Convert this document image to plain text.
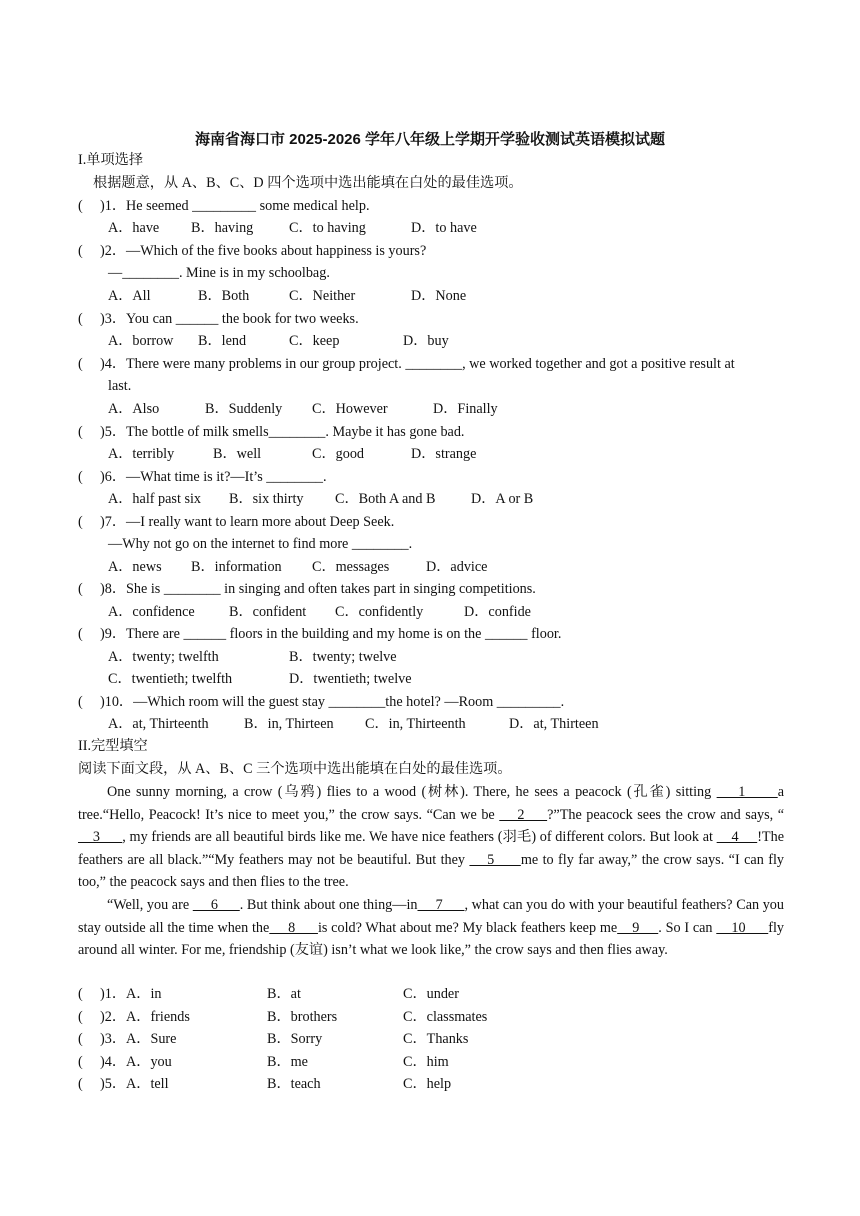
海南省海口市 2025-2026 学年八年级上学期开学验收测试英语模拟试题
I.单项选择
根据题意，从 A、B、C、D 四个选项中选出能填在白处的最佳选项。
( )1．He seemed _________ some medical help.
A．have B．having	C．to having	D．to have
( )2．—Which of the five books about happiness is yours?
—________. Mine is in my schoolbag.
A．All	B．Both	C．Neither	D．None
( )3．You can ______ the book for two weeks.
A．borrow B．lend	C．keep	D．buy
( )4．There were many problems in our group project. ________, we worked together and got a positive result at
last.
A．Also	B．Suddenly C．However	D．Finally
( )5．The bottle of milk smells________. Maybe it has gone bad.
A．terribly	B．well	C．good	D．strange
( )6．—What time is it?—It’s ________.
A．half past six B．six thirty C．Both A and B D．A or B
( )7．—I really want to learn more about Deep Seek.
—Why not go on the internet to find more ________.
A．news B．information C．messages	D．advice
( )8．She is ________ in singing and often takes part in singing competitions.
A．confidence B．confident C．confidently	D．confide
( )9．There are ______ floors in the building and my home is on the ______ floor.
A．twenty; twelfth	B．twenty; twelve
C．twentieth; twelfth	D．twentieth; twelve
( )10．—Which room will the guest stay ________the hotel? —Room _________.
A．at, Thirteenth B．in, Thirteen C．in, Thirteenth	D．at, Thirteen
II.完型填空
阅读下面文段，从 A、B、C 三个选项中选出能填在白处的最佳选项。
One sunny morning, a crow (乌鸦) flies to a wood (树林). There, he sees a peacock (孔雀) sitting     1      a tree.“Hello, Peacock! It’s nice to meet you,” the crow says. “Can we be     2     ?”The peacock sees the crow and says, “    3      , my friends are all beautiful birds like me. We have nice feathers (羽毛) of different colors. But look at     4     !The feathers are all black.”“My feathers may not be beautiful. But they     5      me to fly far away,” the crow says. “I can fly too,” the peacock says and then flies to the tree.
“Well, you are      6      . But think about one thing—in     7      , what can you do with your beautiful feathers? Can you stay outside all the time when the     8      is cold? What about me? My black feathers keep me    9     . So I can     10      fly around all winter. For me, friendship (友谊) isn’t what we look like,” the crow says and then flies away.
( )1．A．in	B．at	C．under
( )2．A．friends	B．brothers	C．classmates
( )3．A．Sure	B．Sorry	C．Thanks
( )4．A．you	B．me	C．him
( )5．A．tell	B．teach	C．help
